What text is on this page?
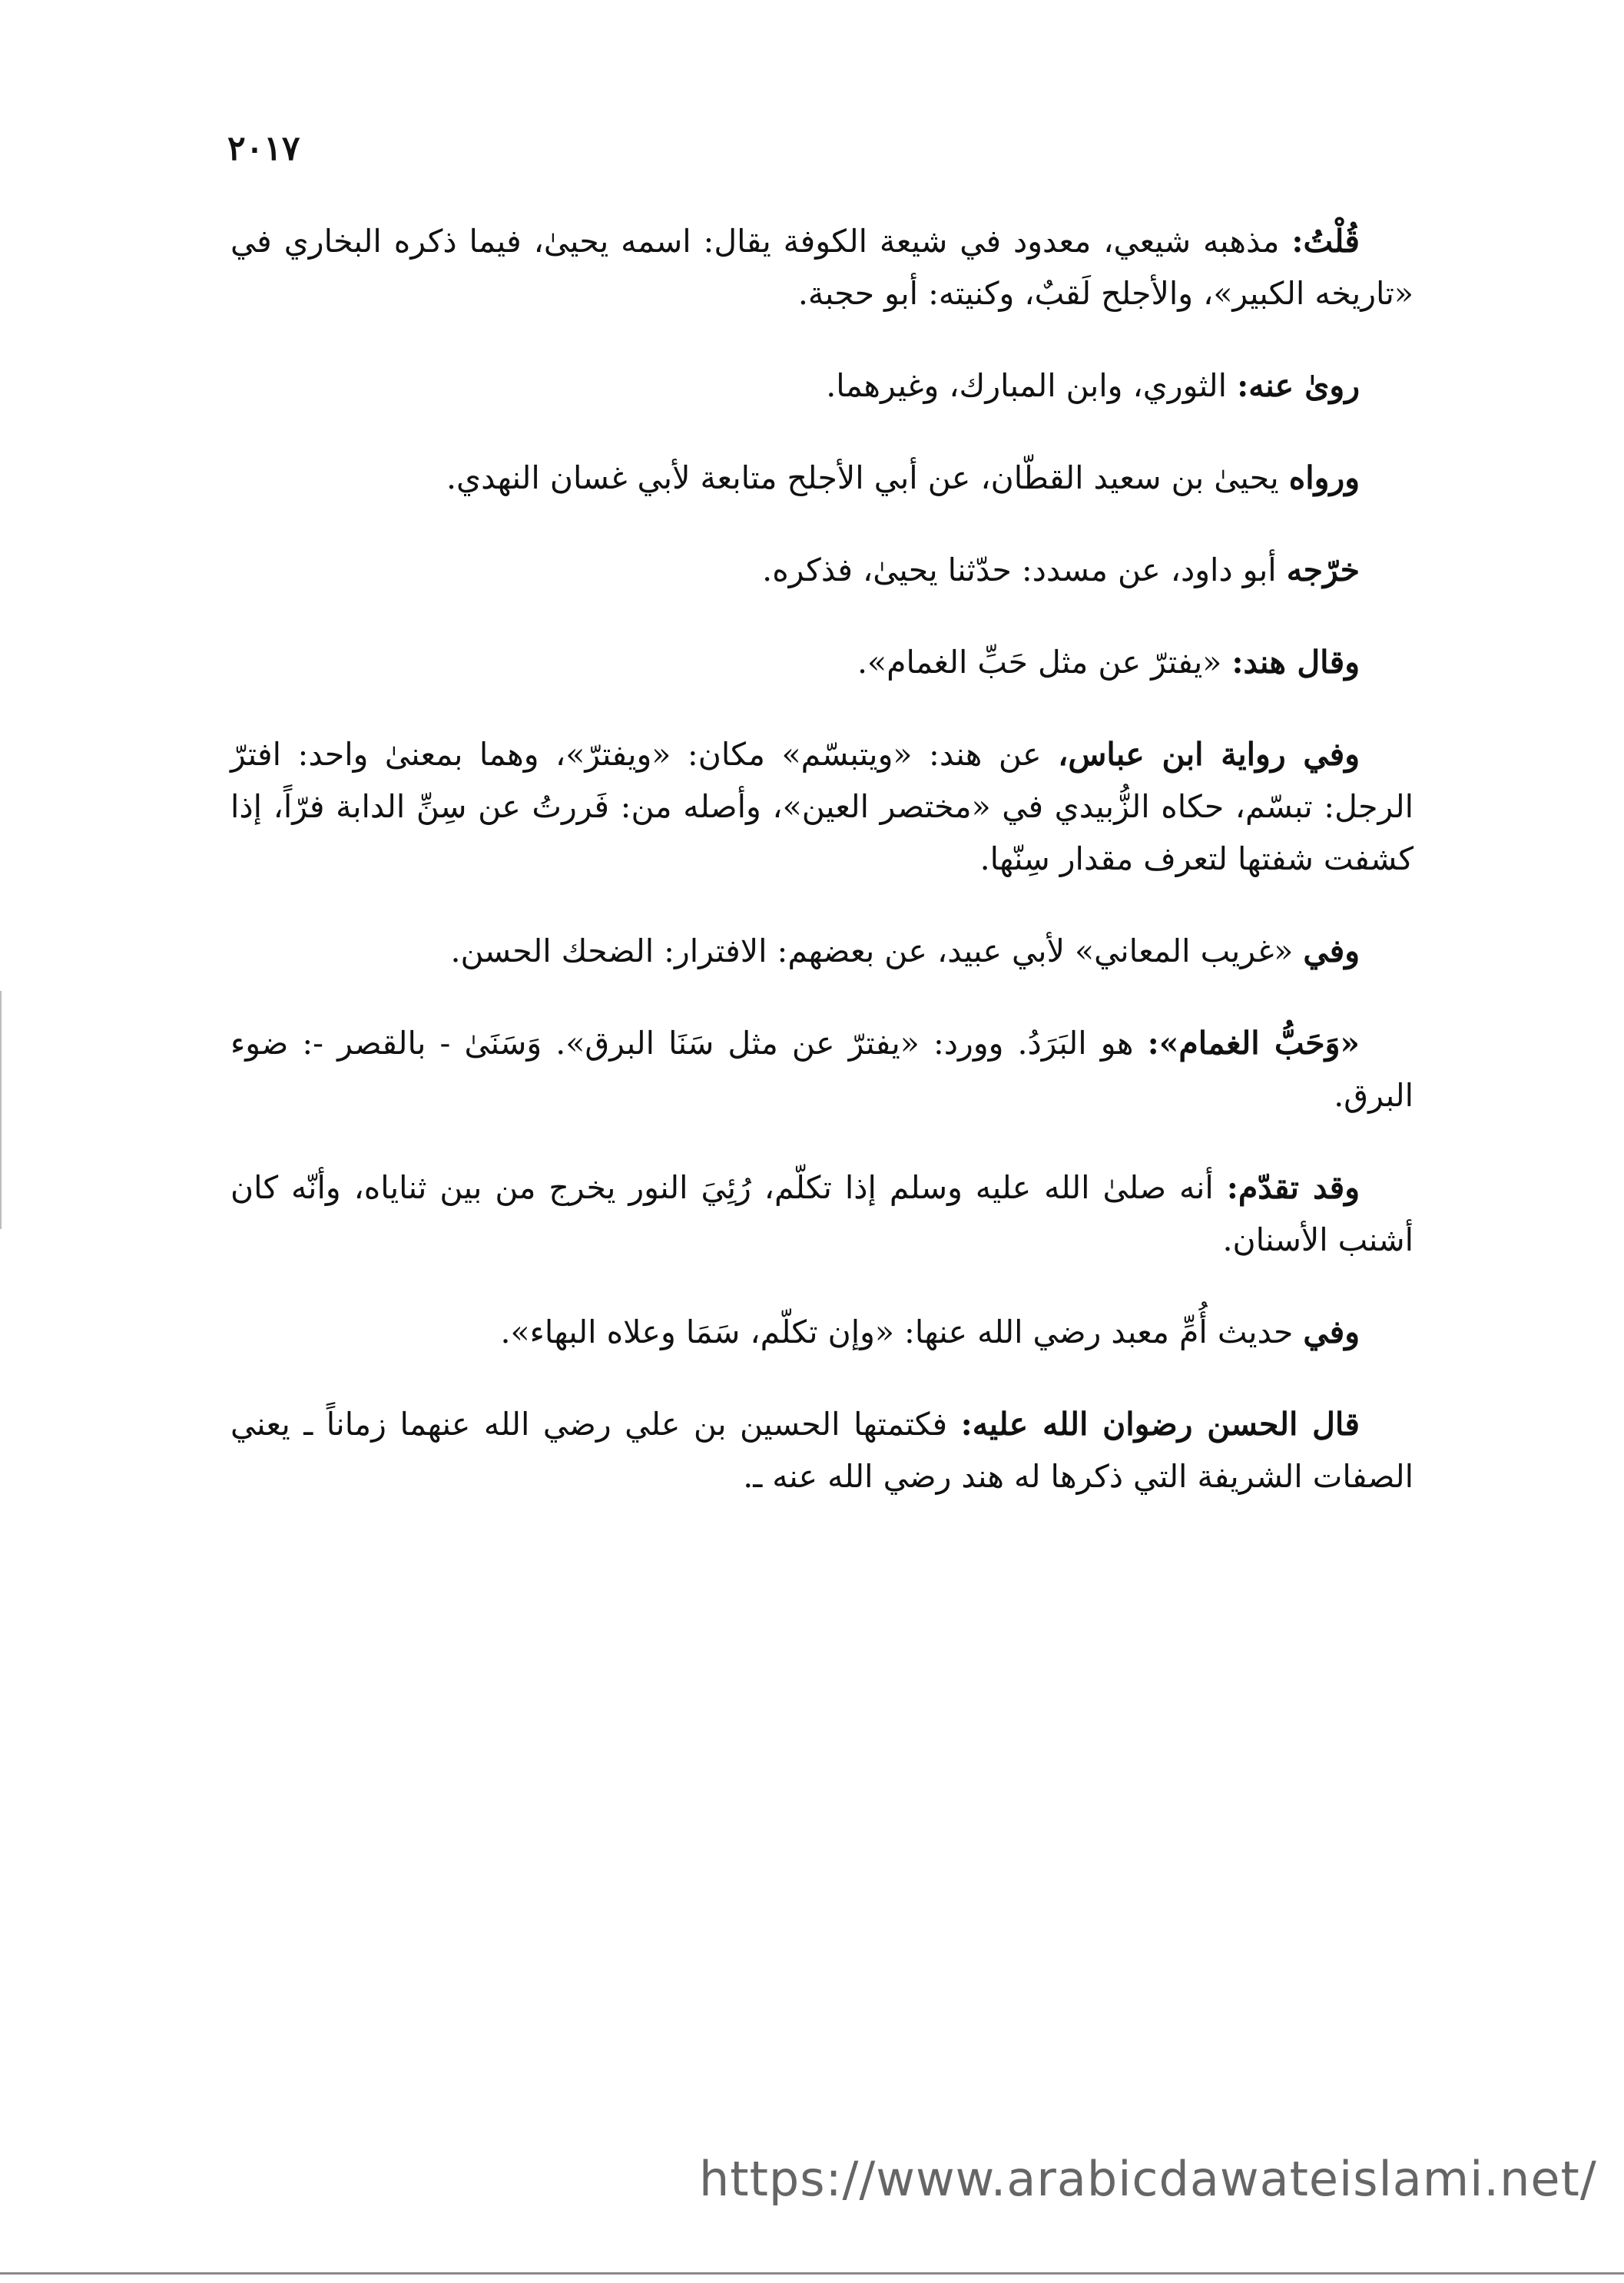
٢٠١٧

قُلْتُ: مذهبه شيعي، معدود في شيعة الكوفة يقال: اسمه يحيىٰ، فيما ذكره البخاري في «تاريخه الكبير»، والأجلح لَقبٌ، وكنيته: أبو حجبة.

رویٰ عنه: الثوري، وابن المبارك، وغيرهما.

ورواه يحيىٰ بن سعيد القطّان، عن أبي الأجلح متابعة لأبي غسان النهدي.

خرّجه أبو داود، عن مسدد: حدّثنا يحيىٰ، فذكره.

وقال هند: «يفترّ عن مثل حَبِّ الغمام».

وفي رواية ابن عباس، عن هند: «ويتبسّم» مكان: «ويفترّ»، وهما بمعنىٰ واحد: افترّ الرجل: تبسّم، حكاه الزُّبيدي في «مختصر العين»، وأصله من: فَررتُ عن سِنِّ الدابة فرّاً، إذا كشفت شفتها لتعرف مقدار سِنّها.

وفي «غريب المعاني» لأبي عبيد، عن بعضهم: الافترار: الضحك الحسن.

«وَحَبُّ الغمام»: هو البَرَدُ. وورد: «يفترّ عن مثل سَنَا البرق». وَسَنَىٰ - بالقصر -: ضوء البرق.

وقد تقدّم: أنه صلىٰ الله عليه وسلم إذا تكلّم، رُئِيَ النور يخرج من بين ثناياه، وأنّه كان أشنب الأسنان.

وفي حديث أُمِّ معبد رضي الله عنها: «وإن تكلّم، سَمَا وعلاه البهاء».

قال الحسن رضوان الله عليه: فكتمتها الحسين بن علي رضي الله عنهما زماناً ـ يعني الصفات الشريفة التي ذكرها له هند رضي الله عنه ـ.

https://www.arabicdawateislami.net/
